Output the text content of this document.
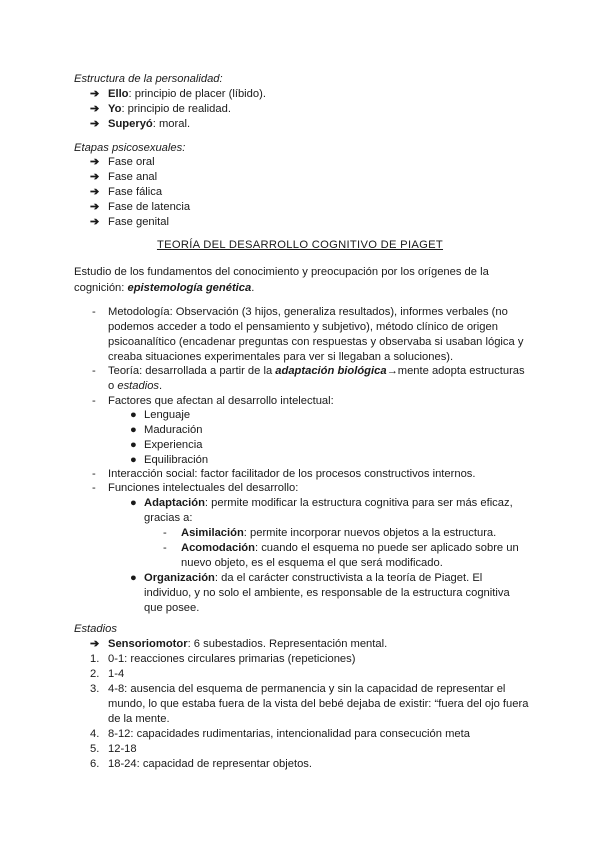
Estructura de la personalidad:
➔ Ello: principio de placer (líbido).
➔ Yo: principio de realidad.
➔ Superyó: moral.
Etapas psicosexuales:
➔ Fase oral
➔ Fase anal
➔ Fase fálica
➔ Fase de latencia
➔ Fase genital
TEORÍA DEL DESARROLLO COGNITIVO DE PIAGET
Estudio de los fundamentos del conocimiento y preocupación por los orígenes de la
cognición: epistemología genética.
- Metodología: Observación (3 hijos, generaliza resultados), informes verbales (no
podemos acceder a todo el pensamiento y subjetivo), método clínico de origen
psicoanalítico (encadenar preguntas con respuestas y observaba si usaban lógica y
creaba situaciones experimentales para ver si llegaban a soluciones).
- Teoría: desarrollada a partir de la adaptación biológica→mente adopta estructuras
o estadios.
- Factores que afectan al desarrollo intelectual:
● Lenguaje
● Maduración
● Experiencia
● Equilibración
- Interacción social: factor facilitador de los procesos constructivos internos.
- Funciones intelectuales del desarrollo:
● Adaptación: permite modificar la estructura cognitiva para ser más eficaz,
gracias a:
- Asimilación: permite incorporar nuevos objetos a la estructura.
- Acomodación: cuando el esquema no puede ser aplicado sobre un
nuevo objeto, es el esquema el que será modificado.
● Organización: da el carácter constructivista a la teoría de Piaget. El
individuo, y no solo el ambiente, es responsable de la estructura cognitiva
que posee.
Estadios
➔ Sensoriomotor: 6 subestadios. Representación mental.
1. 0-1: reacciones circulares primarias (repeticiones)
2. 1-4
3. 4-8: ausencia del esquema de permanencia y sin la capacidad de representar el
mundo, lo que estaba fuera de la vista del bebé dejaba de existir: “fuera del ojo fuera
de la mente.
4. 8-12: capacidades rudimentarias, intencionalidad para consecución meta
5. 12-18
6. 18-24: capacidad de representar objetos.
